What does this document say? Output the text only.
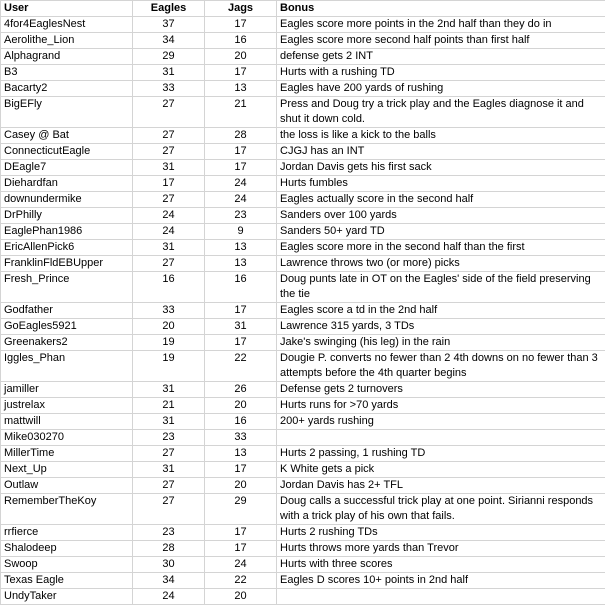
User	Eagles	Jags	Bonus
4for4EaglesNest	37	17	Eagles score more points in the 2nd half than they do in
Aerolithe_Lion	34	16	Eagles score more second half points than first half
Alphagrand	29	20	defense gets 2 INT
B3	31	17	Hurts with a rushing TD
Bacarty2	33	13	Eagles have 200 yards of rushing
BigEFly	27	21	Press and Doug try a trick play and the Eagles diagnose it and shut it down cold.
Casey @ Bat	27	28	the loss is like a kick to the balls
ConnecticutEagle	27	17	CJGJ has an INT
DEagle7	31	17	Jordan Davis gets his first sack
Diehardfan	17	24	Hurts fumbles
downundermike	27	24	Eagles actually score in the second half
DrPhilly	24	23	Sanders over 100 yards
EaglePhan1986	24	9	Sanders 50+ yard TD
EricAllenPick6	31	13	Eagles score more in the second half than the first
FranklinFldEBUpper	27	13	Lawrence throws two (or more) picks
Fresh_Prince	16	16	Doug punts late in OT on the Eagles' side of the field preserving the tie
Godfather	33	17	Eagles score a td in the 2nd half
GoEagles5921	20	31	Lawrence 315 yards, 3 TDs
Greenakers2	19	17	Jake's swinging (his leg) in the rain
Iggles_Phan	19	22	Dougie P. converts no fewer than 2 4th downs on no fewer than 3 attempts before the 4th quarter begins
jamiller	31	26	Defense gets 2 turnovers
justrelax	21	20	Hurts runs for >70 yards
mattwill	31	16	200+ yards rushing
Mike030270	23	33	
MillerTime	27	13	Hurts 2 passing, 1 rushing TD
Next_Up	31	17	K White gets a pick
Outlaw	27	20	Jordan Davis has 2+ TFL
RememberTheKoy	27	29	Doug calls a successful trick play at one point. Sirianni responds with a trick play of his own that fails.
rrfierce	23	17	Hurts 2 rushing TDs
Shalodeep	28	17	Hurts throws more yards than Trevor
Swoop	30	24	Hurts with three scores
Texas Eagle	34	22	Eagles D scores 10+ points in 2nd half
UndyTaker	24	20	
